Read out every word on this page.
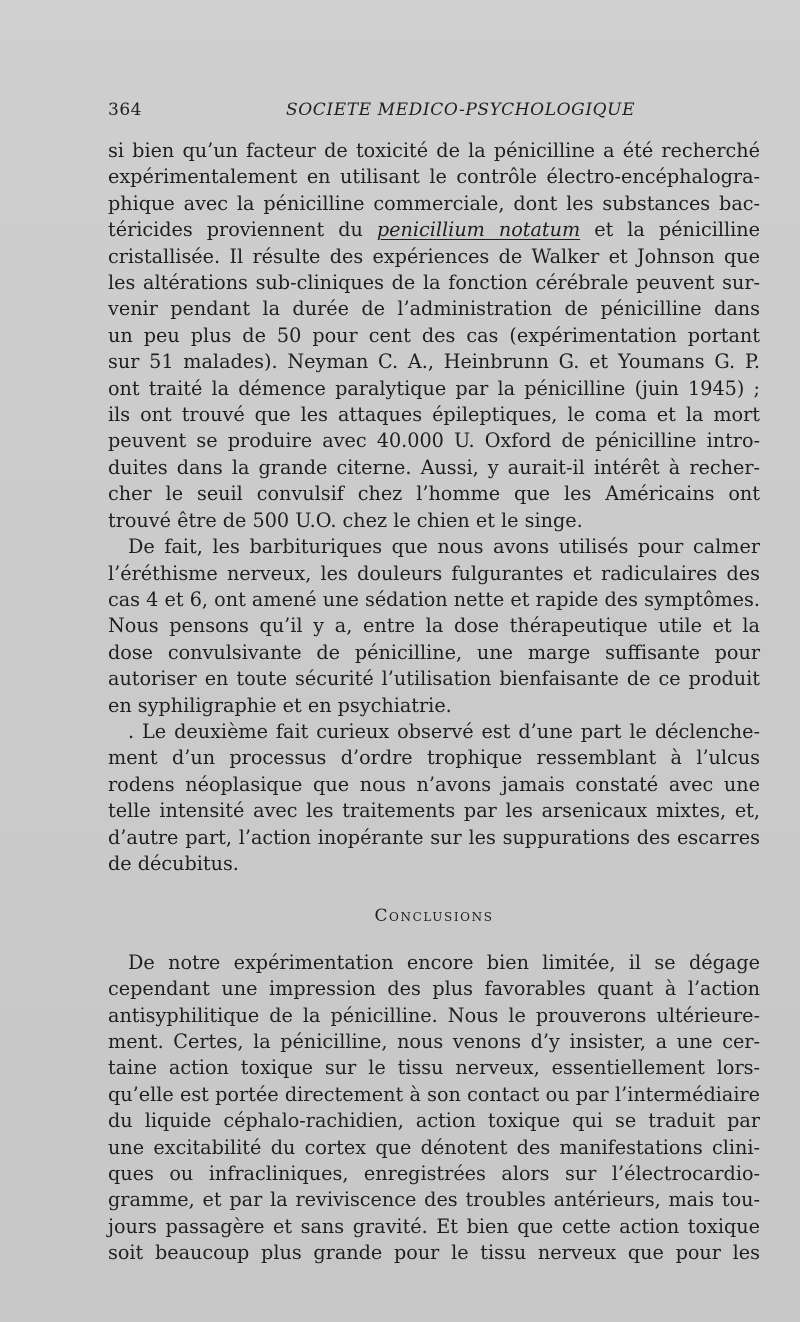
364	SOCIETE MEDICO-PSYCHOLOGIQUE
si bien qu’un facteur de toxicité de la pénicilline a été recherché
expérimentalement en utilisant le contrôle électro-encéphalogra-
phique avec la pénicilline commerciale, dont les substances bac-
téricides proviennent du penicillium notatum et la pénicilline
cristallisée. Il résulte des expériences de Walker et Johnson que
les altérations sub-cliniques de la fonction cérébrale peuvent sur-
venir pendant la durée de l’administration de pénicilline dans
un peu plus de 50 pour cent des cas (expérimentation portant
sur 51 malades). Neyman C. A., Heinbrunn G. et Youmans G. P.
ont traité la démence paralytique par la pénicilline (juin 1945) ;
ils ont trouvé que les attaques épileptiques, le coma et la mort
peuvent se produire avec 40.000 U. Oxford de pénicilline intro-
duites dans la grande citerne. Aussi, y aurait-il intérêt à recher-
cher le seuil convulsif chez l’homme que les Américains ont
trouvé être de 500 U.O. chez le chien et le singe.
De fait, les barbituriques que nous avons utilisés pour calmer
l’éréthisme nerveux, les douleurs fulgurantes et radiculaires des
cas 4 et 6, ont amené une sédation nette et rapide des symptômes.
Nous pensons qu’il y a, entre la dose thérapeutique utile et la
dose convulsivante de pénicilline, une marge suffisante pour
autoriser en toute sécurité l’utilisation bienfaisante de ce produit
en syphiligraphie et en psychiatrie.
. Le deuxième fait curieux observé est d’une part le déclenche-
ment d’un processus d’ordre trophique ressemblant à l’ulcus
rodens néoplasique que nous n’avons jamais constaté avec une
telle intensité avec les traitements par les arsenicaux mixtes, et,
d’autre part, l’action inopérante sur les suppurations des escarres
de décubitus.
Conclusions
De notre expérimentation encore bien limitée, il se dégage
cependant une impression des plus favorables quant à l’action
antisyphilitique de la pénicilline. Nous le prouverons ultérieure-
ment. Certes, la pénicilline, nous venons d’y insister, a une cer-
taine action toxique sur le tissu nerveux, essentiellement lors-
qu’elle est portée directement à son contact ou par l’intermédiaire
du liquide céphalo-rachidien, action toxique qui se traduit par
une excitabilité du cortex que dénotent des manifestations clini-
ques ou infracliniques, enregistrées alors sur l’électrocardio-
gramme, et par la reviviscence des troubles antérieurs, mais tou-
jours passagère et sans gravité. Et bien que cette action toxique
soit beaucoup plus grande pour le tissu nerveux que pour les
